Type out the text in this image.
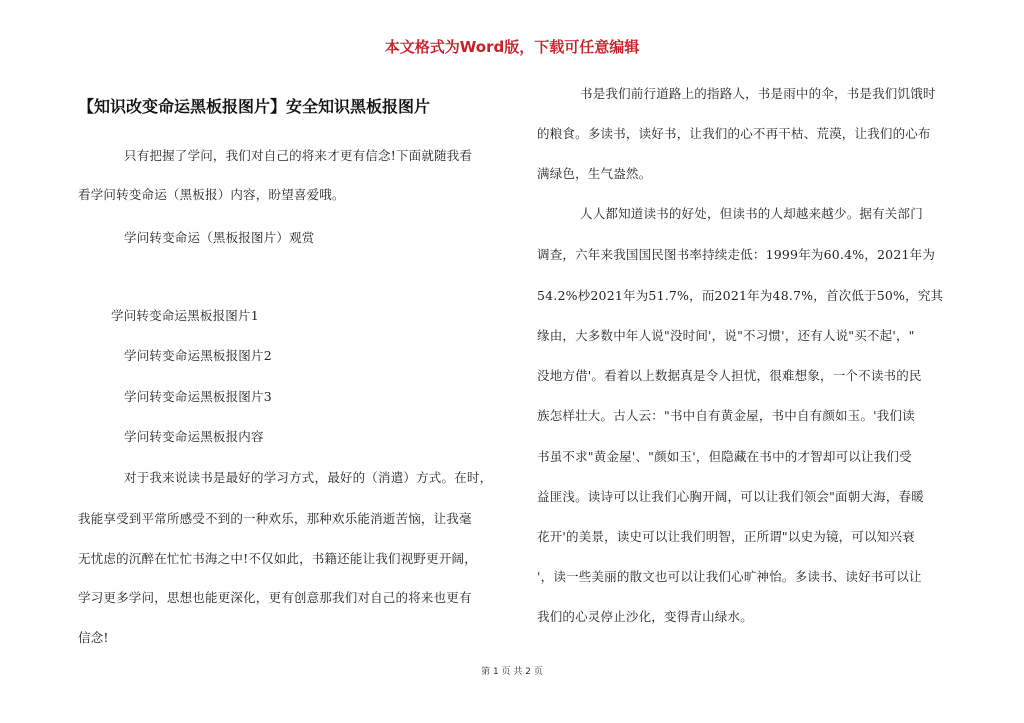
本文格式为Word版，下载可任意编辑
【知识改变命运黑板报图片】安全知识黑板报图片
只有把握了学问，我们对自己的将来才更有信念!下面就随我看
看学问转变命运（黑板报）内容，盼望喜爱哦。
学问转变命运（黑板报图片）观赏
学问转变命运黑板报图片1
学问转变命运黑板报图片2
学问转变命运黑板报图片3
学问转变命运黑板报内容
对于我来说读书是最好的学习方式，最好的（消遣）方式。在时，
我能享受到平常所感受不到的一种欢乐，那种欢乐能消逝苦恼，让我毫
无忧虑的沉醉在忙忙书海之中!不仅如此，书籍还能让我们视野更开阔，
学习更多学问，思想也能更深化，更有创意那我们对自己的将来也更有
信念!
书是我们前行道路上的指路人，书是雨中的伞，书是我们饥饿时
的粮食。多读书，读好书，让我们的心不再干枯、荒漠，让我们的心布
满绿色，生气盎然。
人人都知道读书的好处，但读书的人却越来越少。据有关部门
调查，六年来我国国民图书率持续走低：1999年为60.4%，2021年为
54.2%杪2021年为51.7%，而2021年为48.7%，首次低于50%，究其
缘由，大多数中年人说"没时间'，说"不习惯'，还有人说"买不起'，"
没地方借'。看着以上数据真是令人担忧，很难想象，一个不读书的民
族怎样壮大。古人云："书中自有黄金屋，书中自有颜如玉。'我们读
书虽不求"黄金屋'、"颜如玉'，但隐藏在书中的才智却可以让我们受
益匪浅。读诗可以让我们心胸开阔，可以让我们领会"面朝大海，春暖
花开'的美景，读史可以让我们明智，正所谓"以史为镜，可以知兴衰
'，读一些美丽的散文也可以让我们心旷神怡。多读书、读好书可以让
我们的心灵停止沙化，变得青山绿水。
第 1 页 共 2 页
